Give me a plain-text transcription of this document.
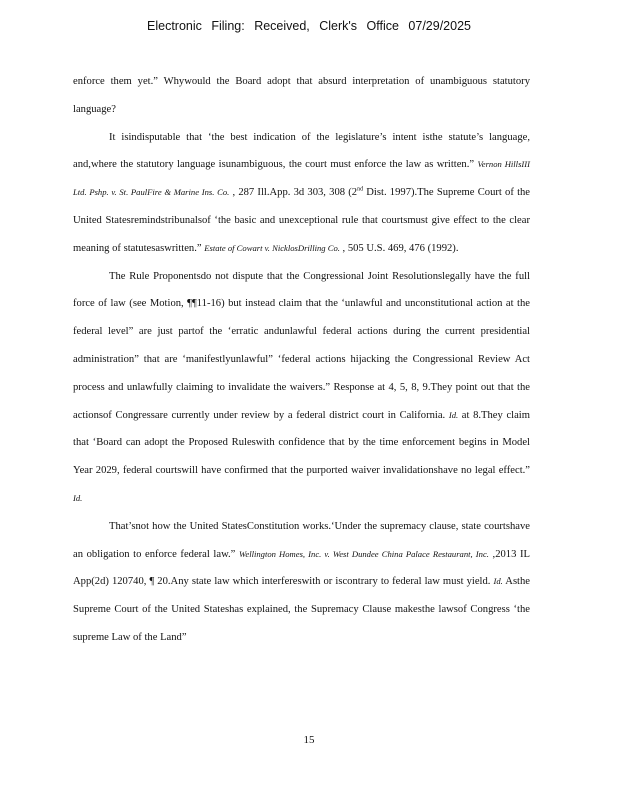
Electronic Filing: Received, Clerk's Office 07/29/2025

enforce them yet.” Whywould the Board adopt that absurd interpretation of unambiguous statutory language?

It isindisputable that ‘the best indication of the legislature’s intent isthe statute’s language, and,where the statutory language isunambiguous, the court must enforce the law as written.” Vernon HillsIII Ltd. Pshp. v. St. PaulFire & Marine Ins. Co. , 287 Ill.App. 3d 303, 308 (2nd Dist. 1997).The Supreme Court of the United Statesremindstribunalsof ‘the basic and unexceptional rule that courtsmust give effect to the clear meaning of statutesaswritten.” Estate of Cowart v. NicklosDrilling Co. , 505 U.S. 469, 476 (1992).

The Rule Proponentsdo not dispute that the Congressional Joint Resolutionslegally have the full force of law (see Motion, ¶¶11-16) but instead claim that the ‘unlawful and unconstitutional action at the federal level” are just partof the ‘erratic andunlawful federal actions during the current presidential administration” that are ‘manifestlyunlawful” ‘federal actions hijacking the Congressional Review Act process and unlawfully claiming to invalidate the waivers.” Response at 4, 5, 8, 9.They point out that the actionsof Congressare currently under review by a federal district court in California. Id. at 8.They claim that ‘Board can adopt the Proposed Ruleswith confidence that by the time enforcement begins in Model Year 2029, federal courtswill have confirmed that the purported waiver invalidationshave no legal effect.” Id.

That’snot how the United StatesConstitution works.‘Under the supremacy clause, state courtshave an obligation to enforce federal law.” Wellington Homes, Inc. v. West Dundee China Palace Restaurant, Inc. ,2013 IL App(2d) 120740, ¶ 20.Any state law which interfereswith or iscontrary to federal law must yield. Id. Asthe Supreme Court of the United Stateshas explained, the Supremacy Clause makesthe lawsof Congress ‘the supreme Law of the Land”

15
